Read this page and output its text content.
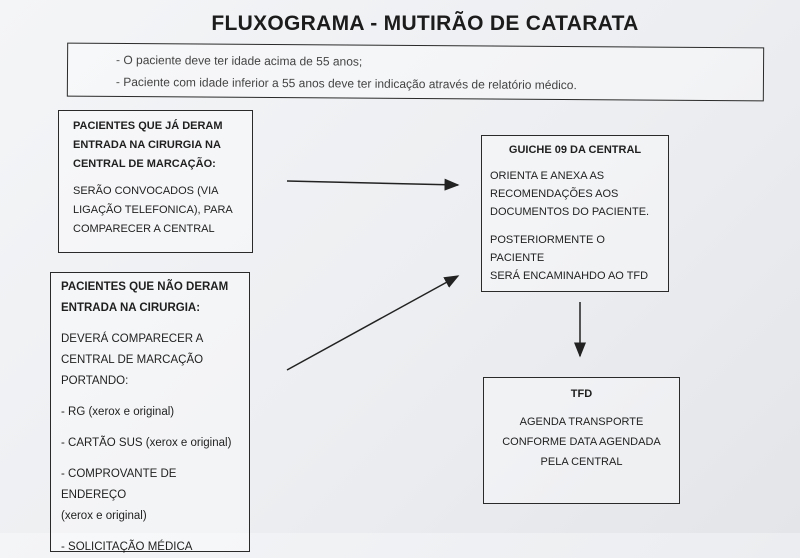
FLUXOGRAMA - MUTIRÃO DE CATARATA
- O paciente deve ter idade acima de 55 anos;
- Paciente com idade inferior a 55 anos deve ter indicação através de relatório médico.
PACIENTES QUE JÁ DERAM
ENTRADA NA CIRURGIA NA
CENTRAL DE MARCAÇÃO:
SERÃO CONVOCADOS (VIA
LIGAÇÃO TELEFONICA), PARA
COMPARECER A CENTRAL
PACIENTES QUE NÃO DERAM
ENTRADA NA CIRURGIA:
DEVERÁ COMPARECER A
CENTRAL DE MARCAÇÃO
PORTANDO:
- RG (xerox e original)
- CARTÃO SUS (xerox e original)
- COMPROVANTE DE ENDEREÇO
(xerox e original)
- SOLICITAÇÃO MÉDICA
GUICHE 09 DA CENTRAL
ORIENTA E ANEXA AS
RECOMENDAÇÕES AOS
DOCUMENTOS DO PACIENTE.
POSTERIORMENTE O PACIENTE
SERÁ ENCAMINAHDO AO TFD
TFD
AGENDA TRANSPORTE
CONFORME DATA AGENDADA
PELA CENTRAL
